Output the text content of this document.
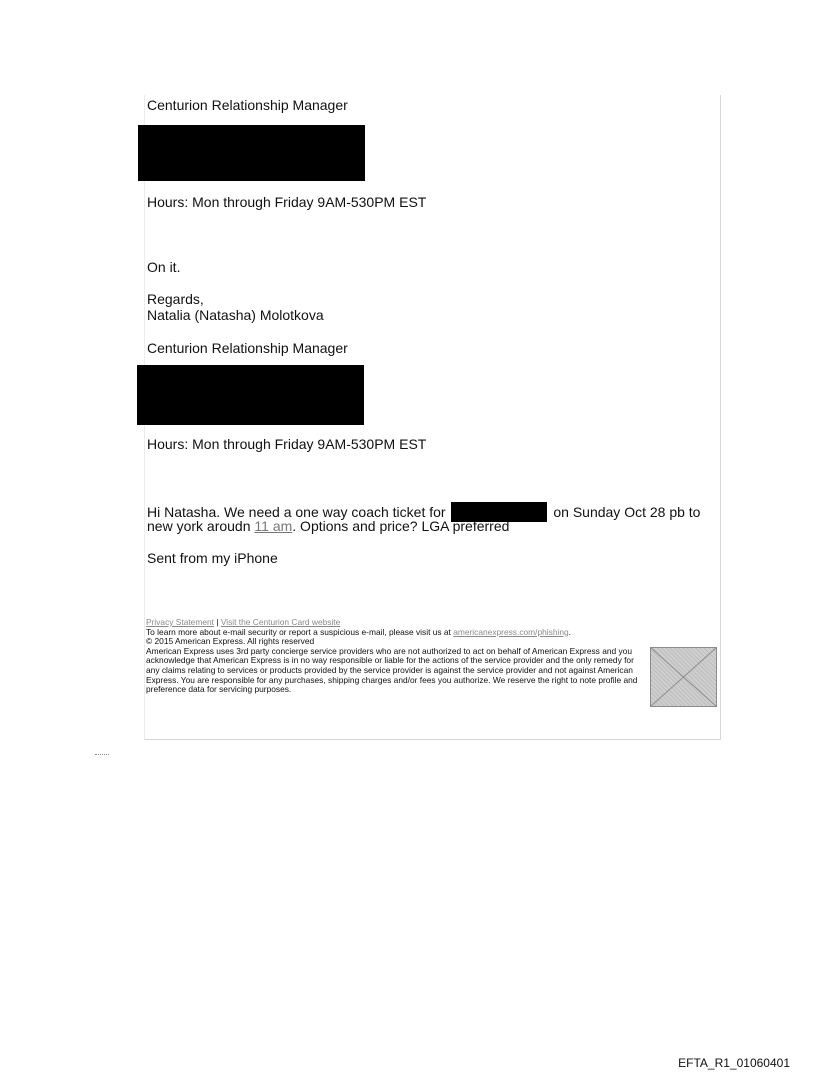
Centurion Relationship Manager
Hours: Mon through Friday 9AM-530PM EST
On it.
Regards,
Natalia (Natasha) Molotkova
Centurion Relationship Manager
Hours: Mon through Friday 9AM-530PM EST
Hi Natasha. We need a one way coach ticket for	on Sunday Oct 28 pb to
new york aroudn 11 am. Options and price? LGA preferred
Sent from my iPhone

Privacy Statement | Visit the Centurion Card website

To learn more about e-mail security or report a suspicious e-mail, please visit us at americanexpress.com/phishing.

© 2015 American Express. All rights reserved

American Express uses 3rd party concierge service providers who are not authorized to act on behalf of American Express and you acknowledge that American Express is in no way responsible or liable for the actions of the service provider and the only remedy for any claims relating to services or products provided by the service provider is against the service provider and not against American Express. You are responsible for any purchases, shipping charges and/or fees you authorize. We reserve the right to note profile and preference data for servicing purposes.

EFTA_R1_01060401
